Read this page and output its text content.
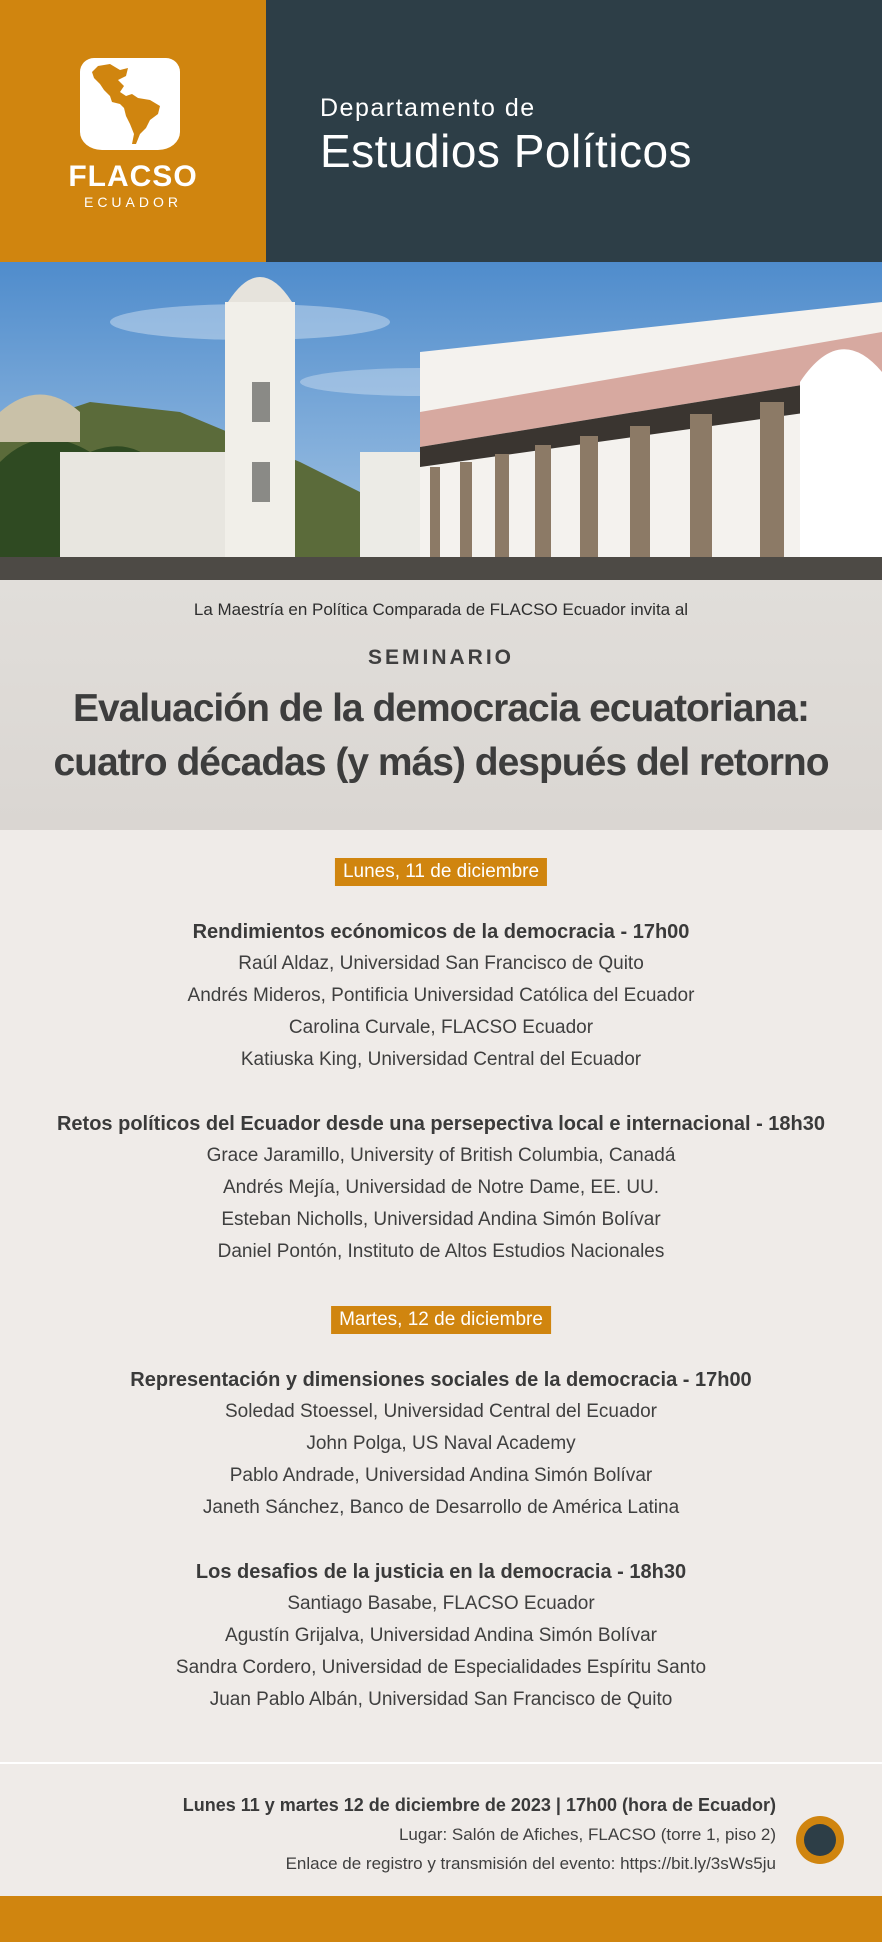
FLACSO
ECUADOR
Departamento de
Estudios Políticos
La Maestría en Política Comparada de FLACSO Ecuador invita al
SEMINARIO
Evaluación de la democracia ecuatoriana:
cuatro décadas (y más) después del retorno
Lunes, 11 de diciembre
Rendimientos ecónomicos de la democracia - 17h00
Raúl Aldaz, Universidad San Francisco de Quito
Andrés Mideros, Pontificia Universidad Católica del Ecuador
Carolina Curvale, FLACSO Ecuador
Katiuska King, Universidad Central del Ecuador
Retos políticos del Ecuador desde una persepectiva local e internacional - 18h30
Grace Jaramillo, University of British Columbia, Canadá
Andrés Mejía, Universidad de Notre Dame, EE. UU.
Esteban Nicholls, Universidad Andina Simón Bolívar
Daniel Pontón, Instituto de Altos Estudios Nacionales
Martes, 12 de diciembre
Representación y dimensiones sociales de la democracia - 17h00
Soledad Stoessel, Universidad Central del Ecuador
John Polga, US Naval Academy
Pablo Andrade, Universidad Andina Simón Bolívar
Janeth Sánchez, Banco de Desarrollo de América Latina
Los desafios de la justicia en la democracia - 18h30
Santiago Basabe, FLACSO Ecuador
Agustín Grijalva, Universidad Andina Simón Bolívar
Sandra Cordero, Universidad de Especialidades Espíritu Santo
Juan Pablo Albán, Universidad San Francisco de Quito
Lunes 11 y martes 12 de diciembre de 2023 | 17h00 (hora de Ecuador)
Lugar: Salón de Afiches, FLACSO (torre 1, piso 2)
Enlace de registro y transmisión del evento: https://bit.ly/3sWs5ju
